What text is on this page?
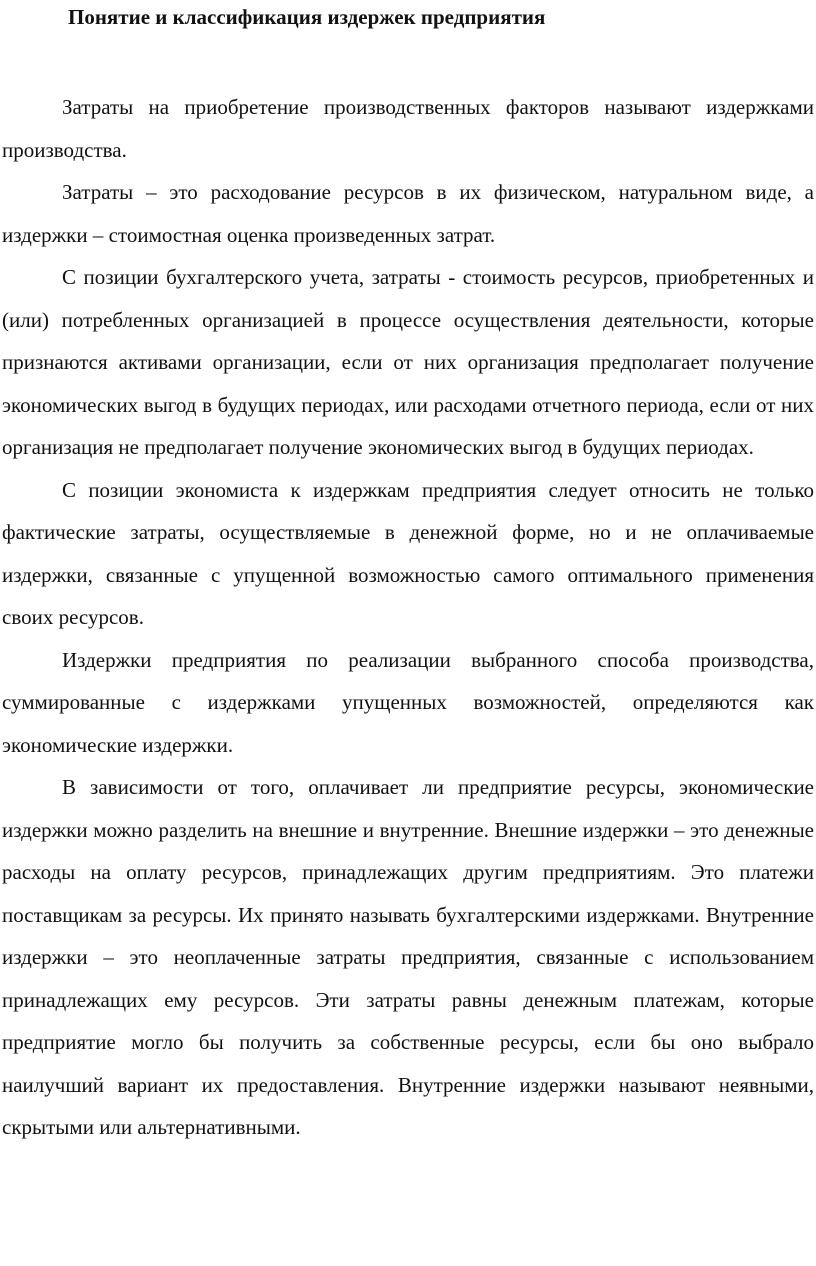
Понятие и классификация издержек предприятия

Затраты на приобретение производственных факторов называют издержками производства.

Затраты – это расходование ресурсов в их физическом, натуральном виде, а издержки – стоимостная оценка произведенных затрат.

С позиции бухгалтерского учета, затраты - стоимость ресурсов, приобретенных и (или) потребленных организацией в процессе осуществления деятельности, которые признаются активами организации, если от них организация предполагает получение экономических выгод в будущих периодах, или расходами отчетного периода, если от них организация не предполагает получение экономических выгод в будущих периодах.

С позиции экономиста к издержкам предприятия следует относить не только фактические затраты, осуществляемые в денежной форме, но и не оплачиваемые издержки, связанные с упущенной возможностью самого оптимального применения своих ресурсов.

Издержки предприятия по реализации выбранного способа производства, суммированные с издержками упущенных возможностей, определяются как экономические издержки.

В зависимости от того, оплачивает ли предприятие ресурсы, экономические издержки можно разделить на внешние и внутренние. Внешние издержки – это денежные расходы на оплату ресурсов, принадлежащих другим предприятиям. Это платежи поставщикам за ресурсы. Их принято называть бухгалтерскими издержками. Внутренние издержки – это неоплаченные затраты предприятия, связанные с использованием принадлежащих ему ресурсов. Эти затраты равны денежным платежам, которые предприятие могло бы получить за собственные ресурсы, если бы оно выбрало наилучший вариант их предоставления. Внутренние издержки называют неявными, скрытыми или альтернативными.
